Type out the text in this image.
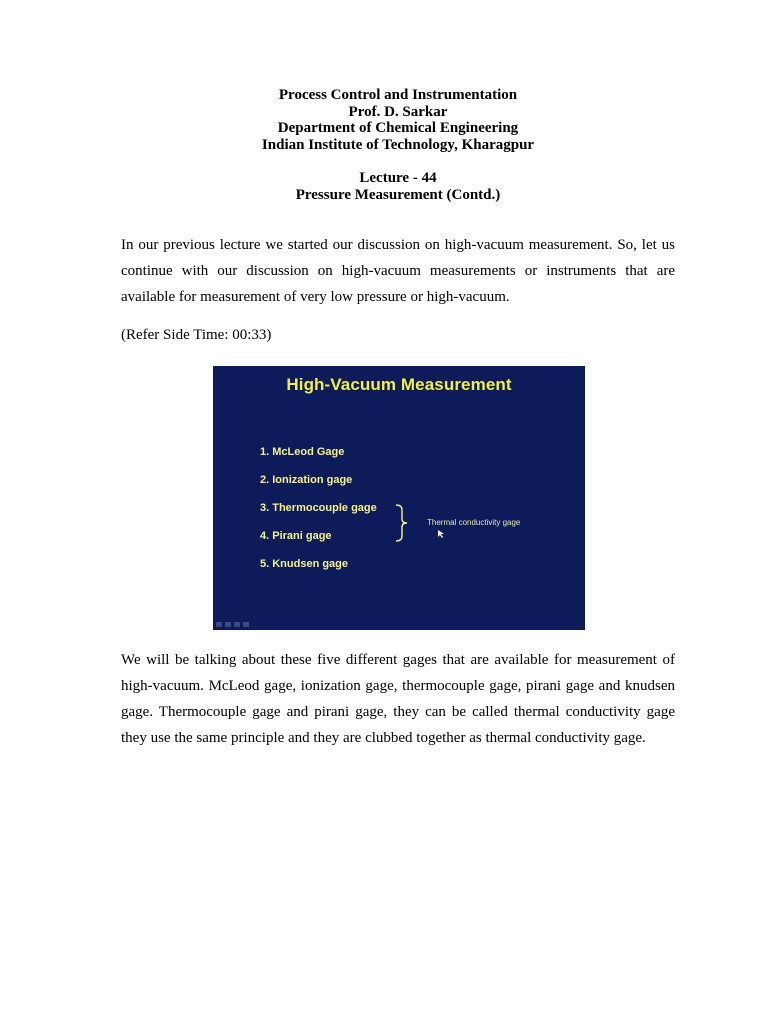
Process Control and Instrumentation
Prof. D. Sarkar
Department of Chemical Engineering
Indian Institute of Technology, Kharagpur
Lecture - 44
Pressure Measurement (Contd.)

In our previous lecture we started our discussion on high-vacuum measurement. So, let us continue with our discussion on high-vacuum measurements or instruments that are available for measurement of very low pressure or high-vacuum.

(Refer Side Time: 00:33)

High-Vacuum Measurement
1. McLeod Gage
2. Ionization gage
3. Thermocouple gage
4. Pirani gage
5. Knudsen gage
Thermal conductivity gage

We will be talking about these five different gages that are available for measurement of high-vacuum. McLeod gage, ionization gage, thermocouple gage, pirani gage and knudsen gage. Thermocouple gage and pirani gage, they can be called thermal conductivity gage they use the same principle and they are clubbed together as thermal conductivity gage.
